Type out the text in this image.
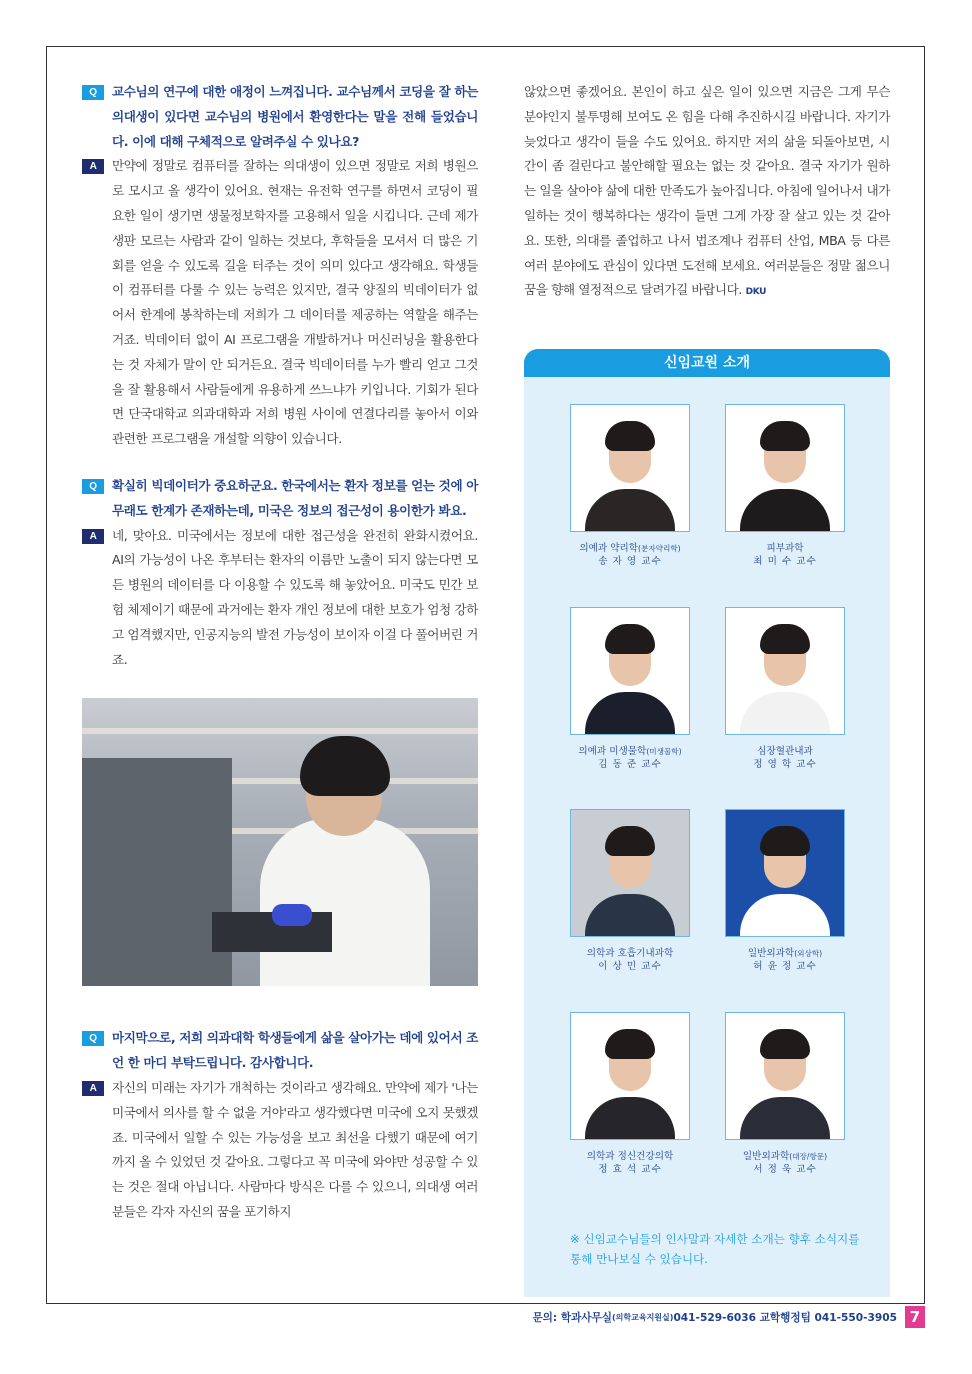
Q	교수님의 연구에 대한 애정이 느껴집니다. 교수님께서 코딩을 잘 하는 의대생이 있다면 교수님의 병원에서 환영한다는 말을 전해 들었습니다. 이에 대해 구체적으로 알려주실 수 있나요?
A	만약에 정말로 컴퓨터를 잘하는 의대생이 있으면 정말로 저희 병원으로 모시고 올 생각이 있어요. 현재는 유전학 연구를 하면서 코딩이 필요한 일이 생기면 생물정보학자를 고용해서 일을 시킵니다. 근데 제가 생판 모르는 사람과 같이 일하는 것보다, 후학들을 모셔서 더 많은 기회를 얻을 수 있도록 길을 터주는 것이 의미 있다고 생각해요. 학생들이 컴퓨터를 다룰 수 있는 능력은 있지만, 결국 양질의 빅데이터가 없어서 한계에 봉착하는데 저희가 그 데이터를 제공하는 역할을 해주는 거죠. 빅데이터 없이 AI 프로그램을 개발하거나 머신러닝을 활용한다는 것 자체가 말이 안 되거든요. 결국 빅데이터를 누가 빨리 얻고 그것을 잘 활용해서 사람들에게 유용하게 쓰느냐가 키입니다. 기회가 된다면 단국대학교 의과대학과 저희 병원 사이에 연결다리를 놓아서 이와 관련한 프로그램을 개설할 의향이 있습니다.
Q	확실히 빅데이터가 중요하군요. 한국에서는 환자 정보를 얻는 것에 아무래도 한계가 존재하는데, 미국은 정보의 접근성이 용이한가 봐요.
A	네, 맞아요. 미국에서는 정보에 대한 접근성을 완전히 완화시켰어요. AI의 가능성이 나온 후부터는 환자의 이름만 노출이 되지 않는다면 모든 병원의 데이터를 다 이용할 수 있도록 해 놓았어요. 미국도 민간 보험 체제이기 때문에 과거에는 환자 개인 정보에 대한 보호가 엄청 강하고 엄격했지만, 인공지능의 발전 가능성이 보이자 이걸 다 풀어버린 거죠.
Q	마지막으로, 저희 의과대학 학생들에게 삶을 살아가는 데에 있어서 조언 한 마디 부탁드립니다. 감사합니다.
A	자신의 미래는 자기가 개척하는 것이라고 생각해요. 만약에 제가 '나는 미국에서 의사를 할 수 없을 거야'라고 생각했다면 미국에 오지 못했겠죠. 미국에서 일할 수 있는 가능성을 보고 최선을 다했기 때문에 여기까지 올 수 있었던 것 같아요. 그렇다고 꼭 미국에 와야만 성공할 수 있는 것은 절대 아닙니다. 사람마다 방식은 다를 수 있으니, 의대생 여러분들은 각자 자신의 꿈을 포기하지
않았으면 좋겠어요. 본인이 하고 싶은 일이 있으면 지금은 그게 무슨 분야인지 불투명해 보여도 온 힘을 다해 추진하시길 바랍니다. 자기가 늦었다고 생각이 들을 수도 있어요. 하지만 저의 삶을 되돌아보면, 시간이 좀 걸린다고 불안해할 필요는 없는 것 같아요. 결국 자기가 원하는 일을 살아야 삶에 대한 만족도가 높아집니다. 아침에 일어나서 내가 일하는 것이 행복하다는 생각이 들면 그게 가장 잘 살고 있는 것 같아요. 또한, 의대를 졸업하고 나서 법조계나 컴퓨터 산업, MBA 등 다른 여러 분야에도 관심이 있다면 도전해 보세요. 여러분들은 정말 젊으니 꿈을 향해 열정적으로 달려가길 바랍니다. DKU
신임교원 소개
의예과 약리학(분자약리학)
송 자 영 교수
피부과학
최 미 수 교수
의예과 미생물학(미생물학)
김 동 준 교수
심장혈관내과
정 영 학 교수
의학과 호흡기내과학
이 상 민 교수
일반외과학(외상학)
허 윤 정 교수
의학과 정신건강의학
정 효 석 교수
일반외과학(대장/항문)
서 정 욱 교수
※ 신임교수님들의 인사말과 자세한 소개는 향후 소식지를 통해 만나보실 수 있습니다.
문의: 학과사무실 (의학교육지원실) 041-529-6036 교학행정팀 041-550-3905 7
